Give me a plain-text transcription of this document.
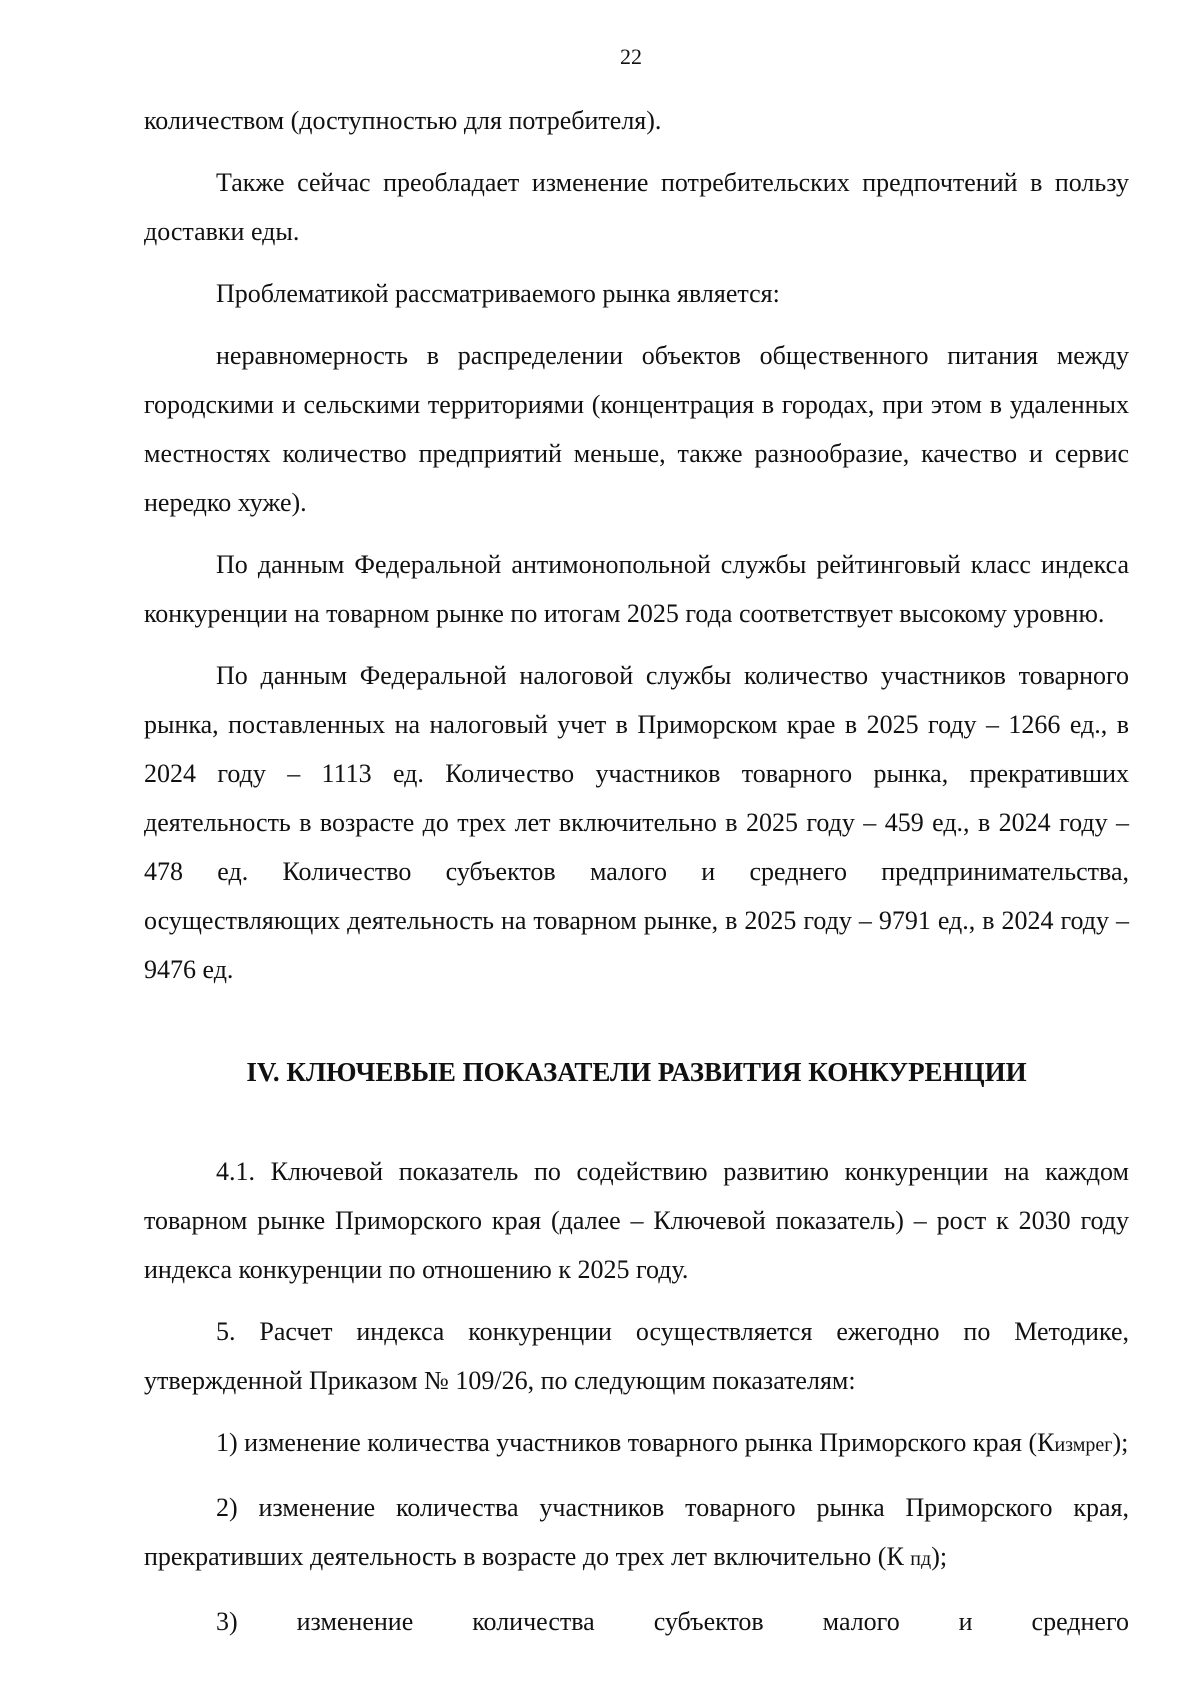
22

количеством (доступностью для потребителя).

Также сейчас преобладает изменение потребительских предпочтений в пользу доставки еды.

Проблематикой рассматриваемого рынка является:

неравномерность в распределении объектов общественного питания между городскими и сельскими территориями (концентрация в городах, при этом в удаленных местностях количество предприятий меньше, также разнообразие, качество и сервис нередко хуже).

По данным Федеральной антимонопольной службы рейтинговый класс индекса конкуренции на товарном рынке по итогам 2025 года соответствует высокому уровню.

По данным Федеральной налоговой службы количество участников товарного рынка, поставленных на налоговый учет в Приморском крае в 2025 году – 1266 ед., в 2024 году – 1113 ед. Количество участников товарного рынка, прекративших деятельность в возрасте до трех лет включительно в 2025 году – 459 ед., в 2024 году – 478 ед. Количество субъектов малого и среднего предпринимательства, осуществляющих деятельность на товарном рынке, в 2025 году – 9791 ед., в 2024 году – 9476 ед.

IV. КЛЮЧЕВЫЕ ПОКАЗАТЕЛИ РАЗВИТИЯ КОНКУРЕНЦИИ

4.1. Ключевой показатель по содействию развитию конкуренции на каждом товарном рынке Приморского края (далее – Ключевой показатель) – рост к 2030 году индекса конкуренции по отношению к 2025 году.

5. Расчет индекса конкуренции осуществляется ежегодно по Методике, утвержденной Приказом № 109/26, по следующим показателям:

1) изменение количества участников товарного рынка Приморского края (Кизмрег);

2) изменение количества участников товарного рынка Приморского края, прекративших деятельность в возрасте до трех лет включительно (К пд);

3) изменение количества субъектов малого и среднего
